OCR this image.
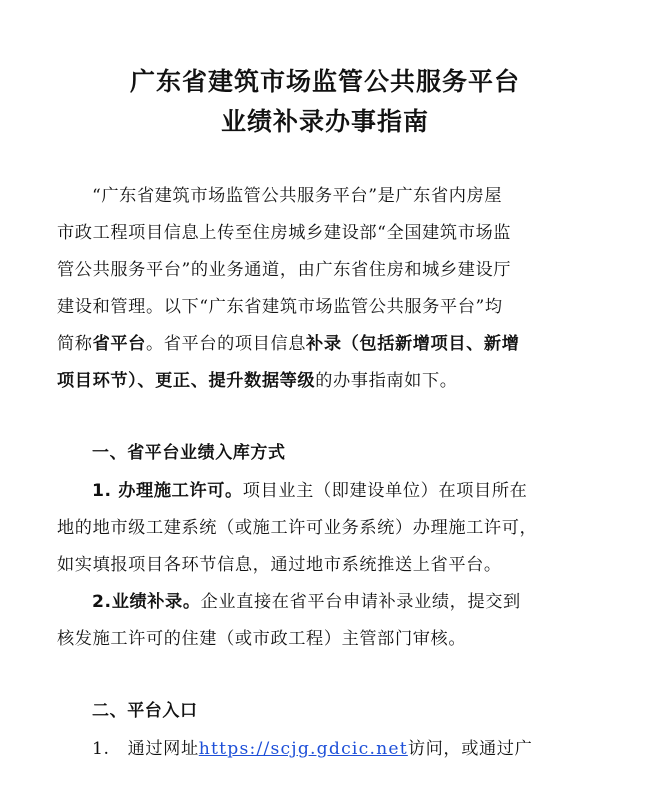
广东省建筑市场监管公共服务平台
业绩补录办事指南
“广东省建筑市场监管公共服务平台”是广东省内房屋
市政工程项目信息上传至住房城乡建设部“全国建筑市场监
管公共服务平台”的业务通道，由广东省住房和城乡建设厅
建设和管理。以下“广东省建筑市场监管公共服务平台”均
简称省平台。省平台的项目信息补录（包括新增项目、新增
项目环节）、更正、提升数据等级的办事指南如下。
一、省平台业绩入库方式
1. 办理施工许可。项目业主（即建设单位）在项目所在
地的地市级工建系统（或施工许可业务系统）办理施工许可，
如实填报项目各环节信息，通过地市系统推送上省平台。
2.业绩补录。企业直接在省平台申请补录业绩，提交到
核发施工许可的住建（或市政工程）主管部门审核。
二、平台入口
1. 通过网址https://scjg.gdcic.net访问，或通过广
